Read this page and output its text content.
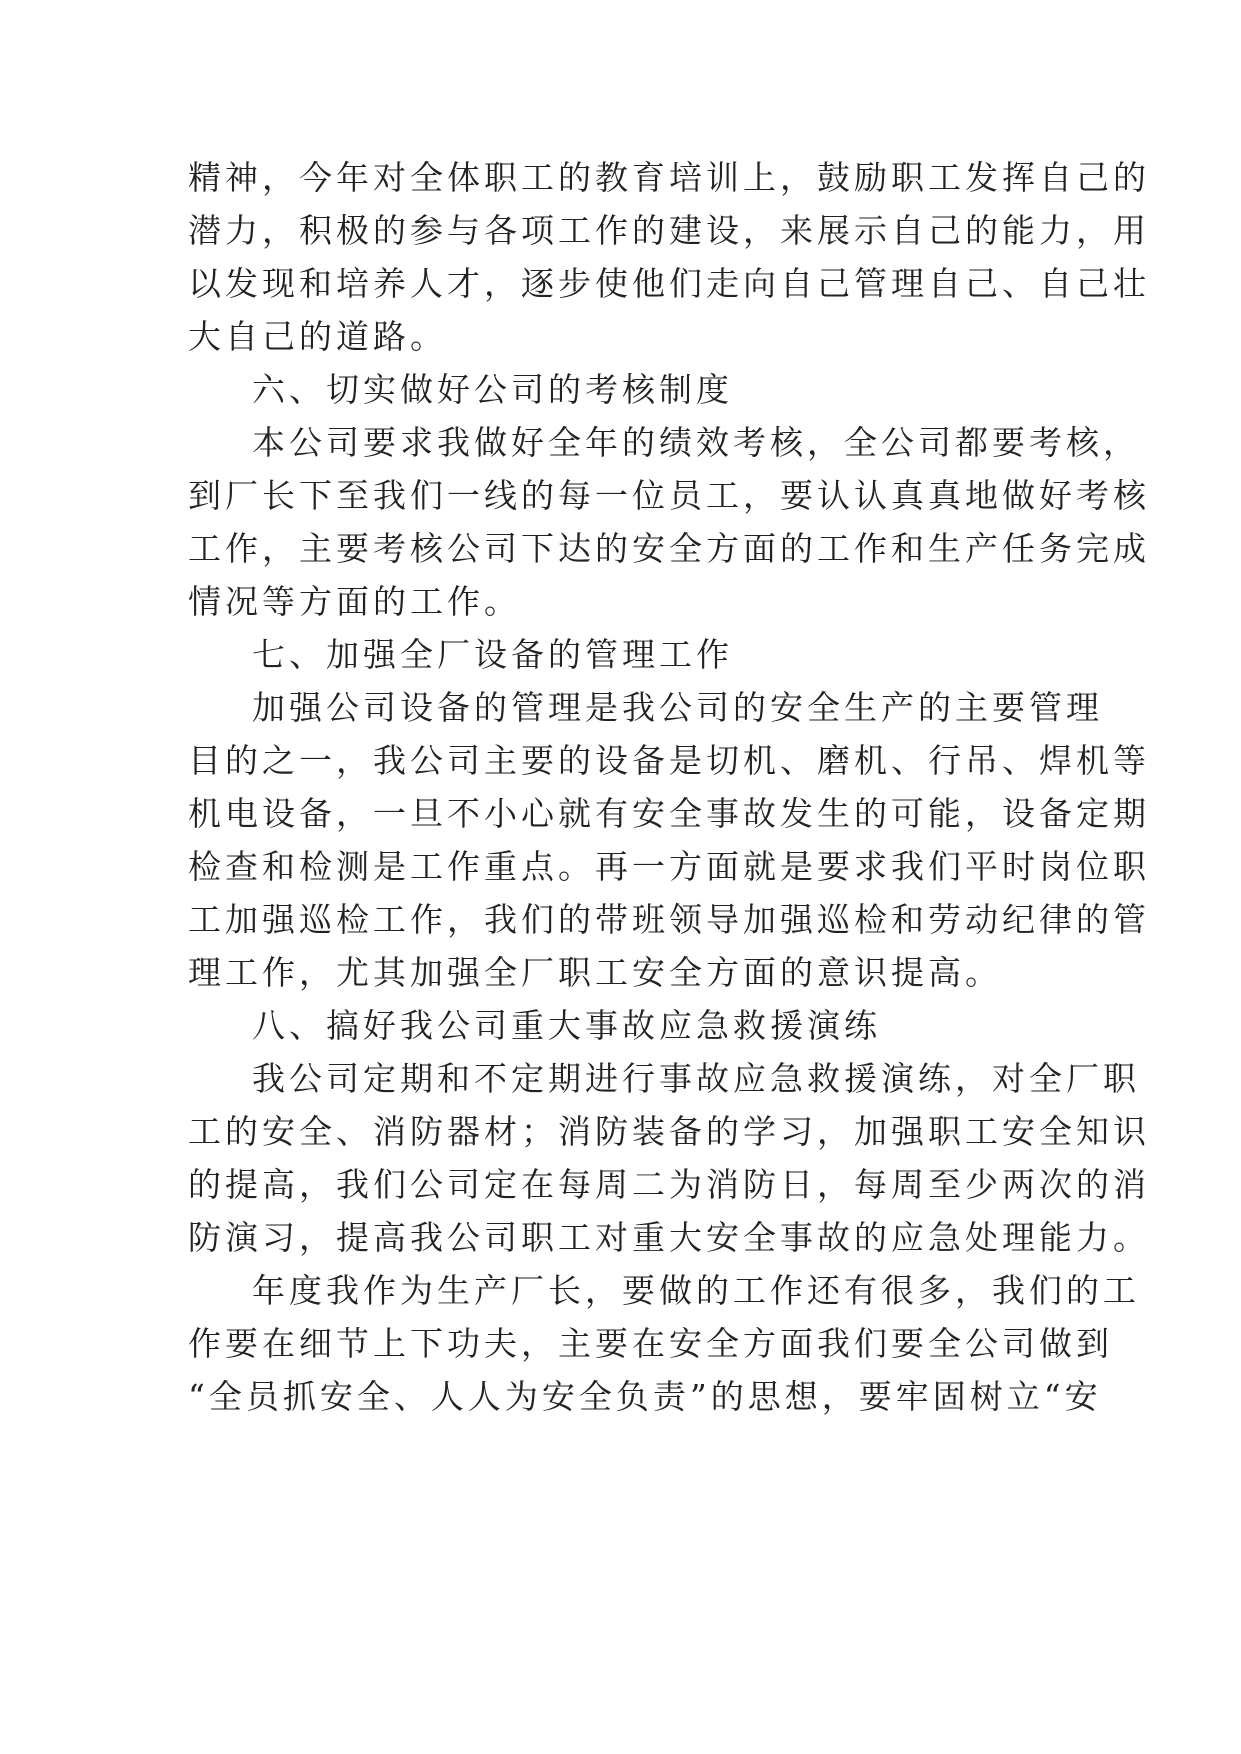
精神，今年对全体职工的教育培训上，鼓励职工发挥自己的
潜力，积极的参与各项工作的建设，来展示自己的能力，用
以发现和培养人才，逐步使他们走向自己管理自己、自己壮
大自己的道路。
六、切实做好公司的考核制度
本公司要求我做好全年的绩效考核，全公司都要考核，
到厂长下至我们一线的每一位员工，要认认真真地做好考核
工作，主要考核公司下达的安全方面的工作和生产任务完成
情况等方面的工作。
七、加强全厂设备的管理工作
加强公司设备的管理是我公司的安全生产的主要管理
目的之一，我公司主要的设备是切机、磨机、行吊、焊机等
机电设备，一旦不小心就有安全事故发生的可能，设备定期
检查和检测是工作重点。再一方面就是要求我们平时岗位职
工加强巡检工作，我们的带班领导加强巡检和劳动纪律的管
理工作，尤其加强全厂职工安全方面的意识提高。
八、搞好我公司重大事故应急救援演练
我公司定期和不定期进行事故应急救援演练，对全厂职
工的安全、消防器材；消防装备的学习，加强职工安全知识
的提高，我们公司定在每周二为消防日，每周至少两次的消
防演习，提高我公司职工对重大安全事故的应急处理能力。
年度我作为生产厂长，要做的工作还有很多，我们的工
作要在细节上下功夫，主要在安全方面我们要全公司做到
“全员抓安全、人人为安全负责”的思想，要牢固树立“安
